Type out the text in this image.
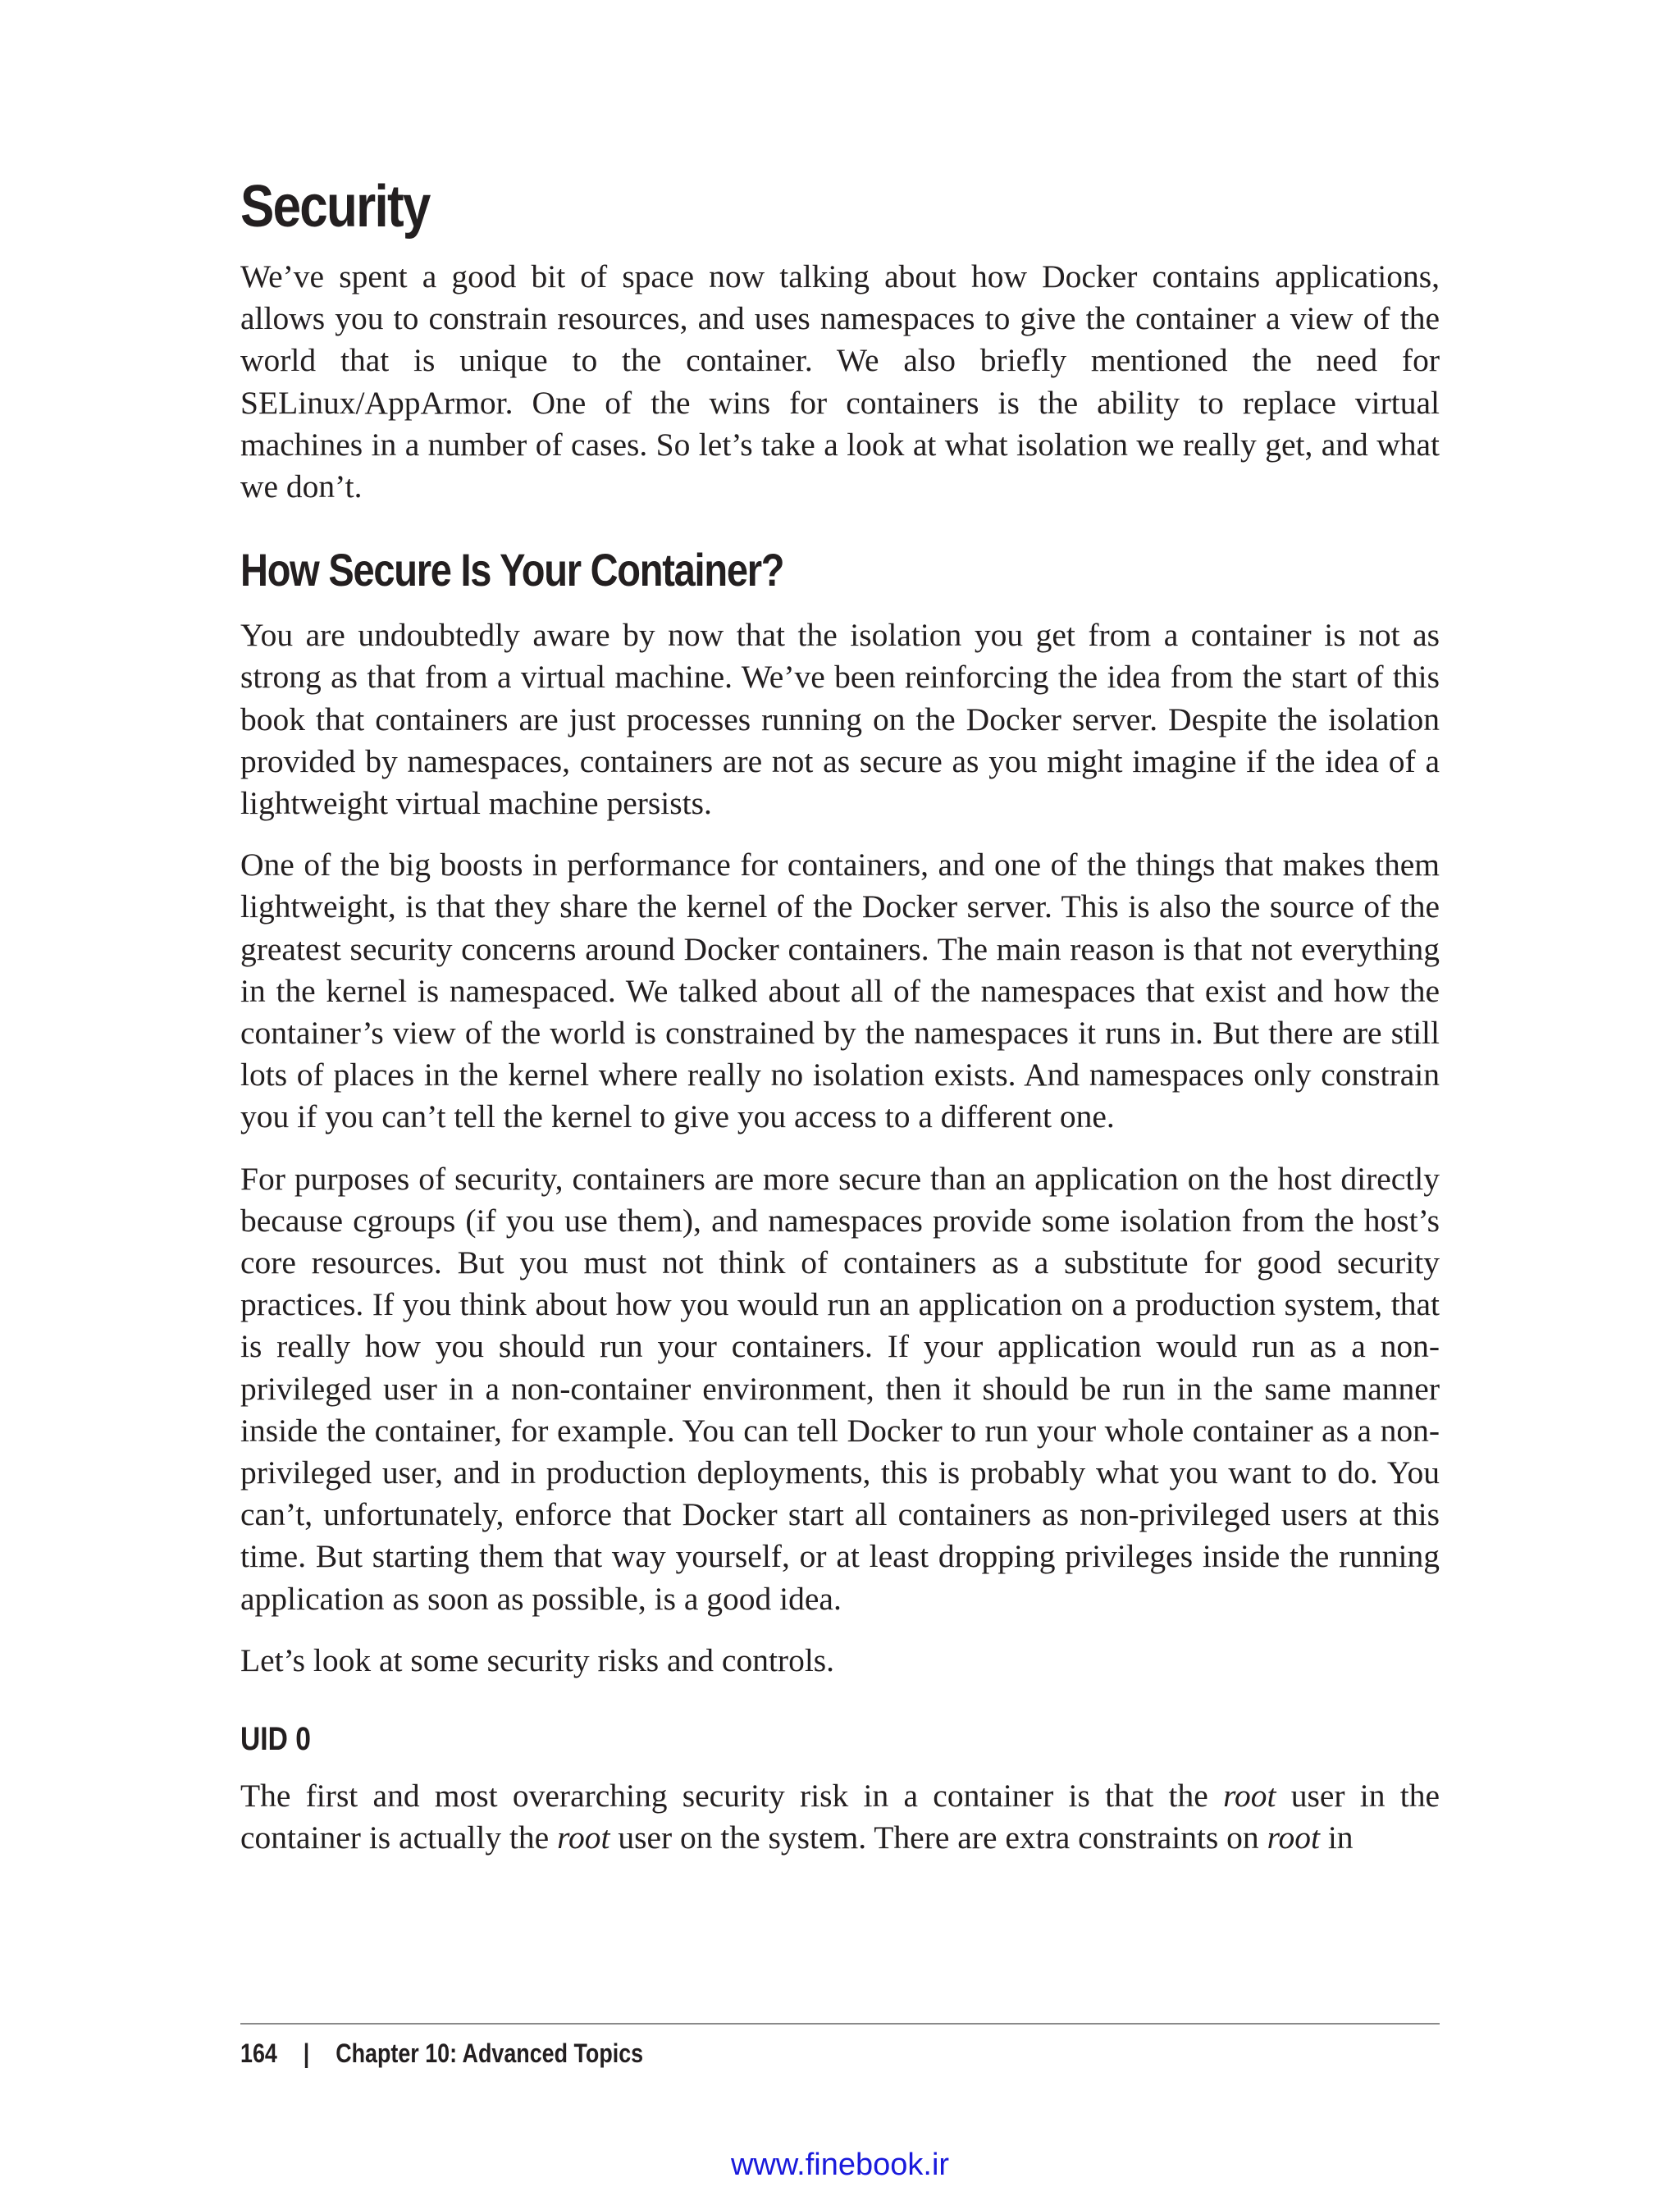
Security

We’ve spent a good bit of space now talking about how Docker contains applications, allows you to constrain resources, and uses namespaces to give the container a view of the world that is unique to the container. We also briefly mentioned the need for SELinux/AppArmor. One of the wins for containers is the ability to replace virtual machines in a number of cases. So let’s take a look at what isolation we really get, and what we don’t.

How Secure Is Your Container?

You are undoubtedly aware by now that the isolation you get from a container is not as strong as that from a virtual machine. We’ve been reinforcing the idea from the start of this book that containers are just processes running on the Docker server. Despite the isolation provided by namespaces, containers are not as secure as you might imagine if the idea of a lightweight virtual machine persists.

One of the big boosts in performance for containers, and one of the things that makes them lightweight, is that they share the kernel of the Docker server. This is also the source of the greatest security concerns around Docker containers. The main reason is that not everything in the kernel is namespaced. We talked about all of the namespaces that exist and how the container’s view of the world is constrained by the namespaces it runs in. But there are still lots of places in the kernel where really no isolation exists. And namespaces only constrain you if you can’t tell the kernel to give you access to a different one.

For purposes of security, containers are more secure than an application on the host directly because cgroups (if you use them), and namespaces provide some isolation from the host’s core resources. But you must not think of containers as a substitute for good security practices. If you think about how you would run an application on a production system, that is really how you should run your containers. If your application would run as a non-privileged user in a non-container environment, then it should be run in the same manner inside the container, for example. You can tell Docker to run your whole container as a non-privileged user, and in production deployments, this is probably what you want to do. You can’t, unfortunately, enforce that Docker start all containers as non-privileged users at this time. But starting them that way yourself, or at least dropping privileges inside the running application as soon as possible, is a good idea.

Let’s look at some security risks and controls.

UID 0

The first and most overarching security risk in a container is that the root user in the container is actually the root user on the system. There are extra constraints on root in

164 | Chapter 10: Advanced Topics
www.finebook.ir
